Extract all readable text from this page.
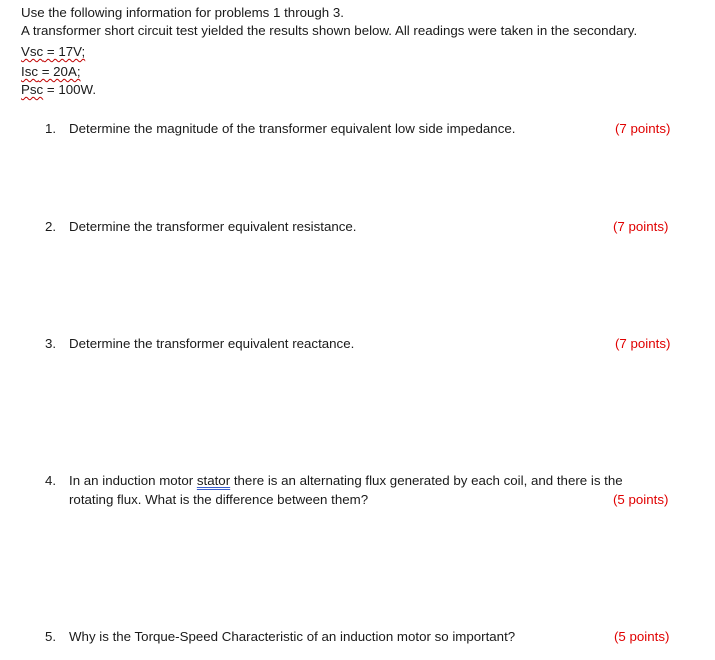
Use the following information for problems 1 through 3.
A transformer short circuit test yielded the results shown below. All readings were taken in the secondary.
Vsc = 17V;
Isc = 20A;
Psc = 100W.
1. Determine the magnitude of the transformer equivalent low side impedance.	(7 points)
2. Determine the transformer equivalent resistance.	(7 points)
3. Determine the transformer equivalent reactance.	(7 points)
4. In an induction motor stator there is an alternating flux generated by each coil, and there is the
rotating flux. What is the difference between them?	(5 points)
5. Why is the Torque-Speed Characteristic of an induction motor so important?	(5 points)
